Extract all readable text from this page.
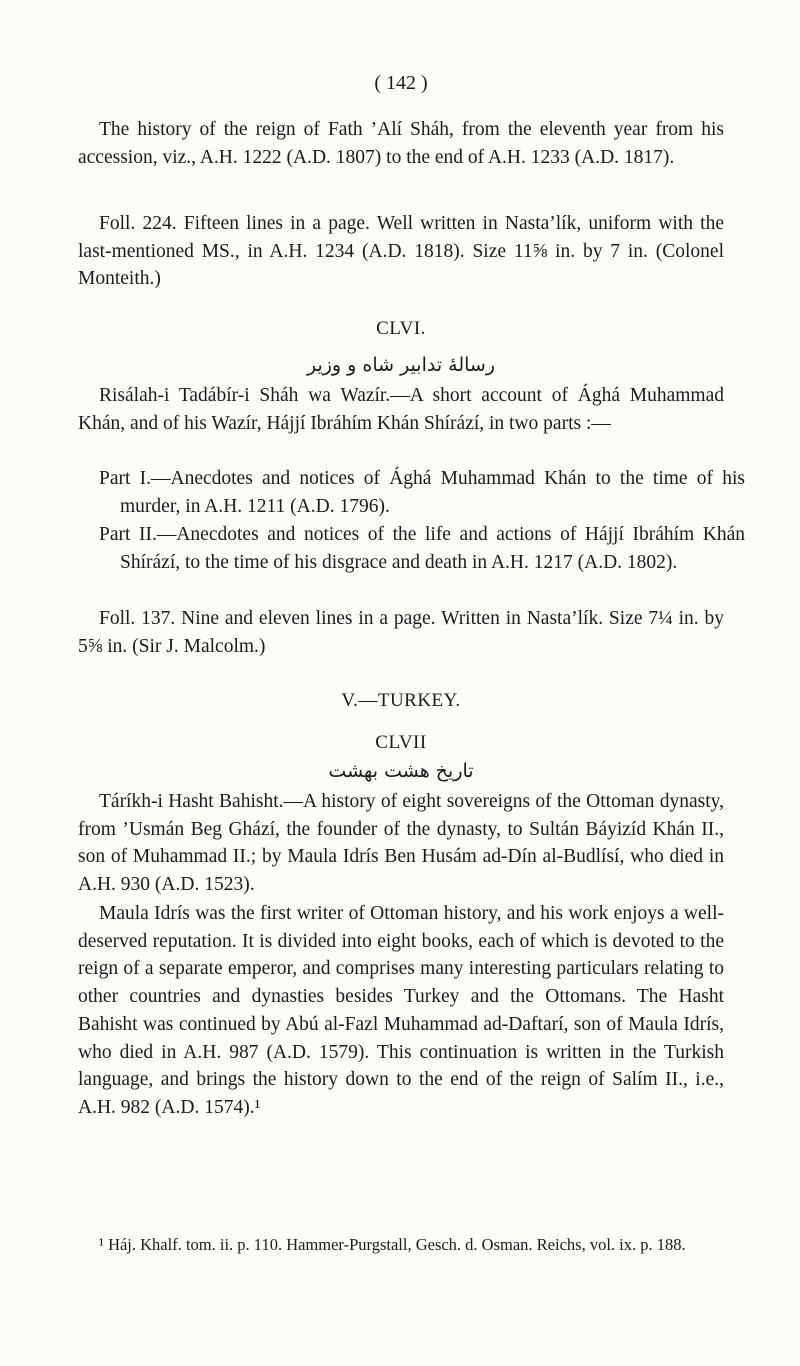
( 142 )

The history of the reign of Fath ’Alí Sháh, from the eleventh year from his accession, viz., A.H. 1222 (A.D. 1807) to the end of A.H. 1233 (A.D. 1817).

Foll. 224. Fifteen lines in a page. Well written in Nasta’lík, uniform with the last-mentioned MS., in A.H. 1234 (A.D. 1818). Size 11⅝ in. by 7 in. (Colonel Monteith.)

CLVI.
رسالهٔ تدابیر شاه و وزیر

Risálah-i Tadábír-i Sháh wa Wazír.—A short account of Ághá Muhammad Khán, and of his Wazír, Hájjí Ibráhím Khán Shírází, in two parts :—

Part I.—Anecdotes and notices of Ághá Muhammad Khán to the time of his murder, in A.H. 1211 (A.D. 1796).

Part II.—Anecdotes and notices of the life and actions of Hájjí Ibráhím Khán Shírází, to the time of his disgrace and death in A.H. 1217 (A.D. 1802).

Foll. 137. Nine and eleven lines in a page. Written in Nasta’lík. Size 7¼ in. by 5⅝ in. (Sir J. Malcolm.)

V.—TURKEY.
CLVII
تاریخ هشت بهشت

Táríkh-i Hasht Bahisht.—A history of eight sovereigns of the Ottoman dynasty, from ’Usmán Beg Ghází, the founder of the dynasty, to Sultán Báyizíd Khán II., son of Muhammad II.; by Maula Idrís Ben Husám ad-Dín al-Budlísí, who died in A.H. 930 (A.D. 1523).

Maula Idrís was the first writer of Ottoman history, and his work enjoys a well-deserved reputation. It is divided into eight books, each of which is devoted to the reign of a separate emperor, and comprises many interesting particulars relating to other countries and dynasties besides Turkey and the Ottomans. The Hasht Bahisht was continued by Abú al-Fazl Muhammad ad-Daftarí, son of Maula Idrís, who died in A.H. 987 (A.D. 1579). This continuation is written in the Turkish language, and brings the history down to the end of the reign of Salím II., i.e., A.H. 982 (A.D. 1574).¹

¹ Háj. Khalf. tom. ii. p. 110. Hammer-Purgstall, Gesch. d. Osman. Reichs, vol. ix. p. 188.
